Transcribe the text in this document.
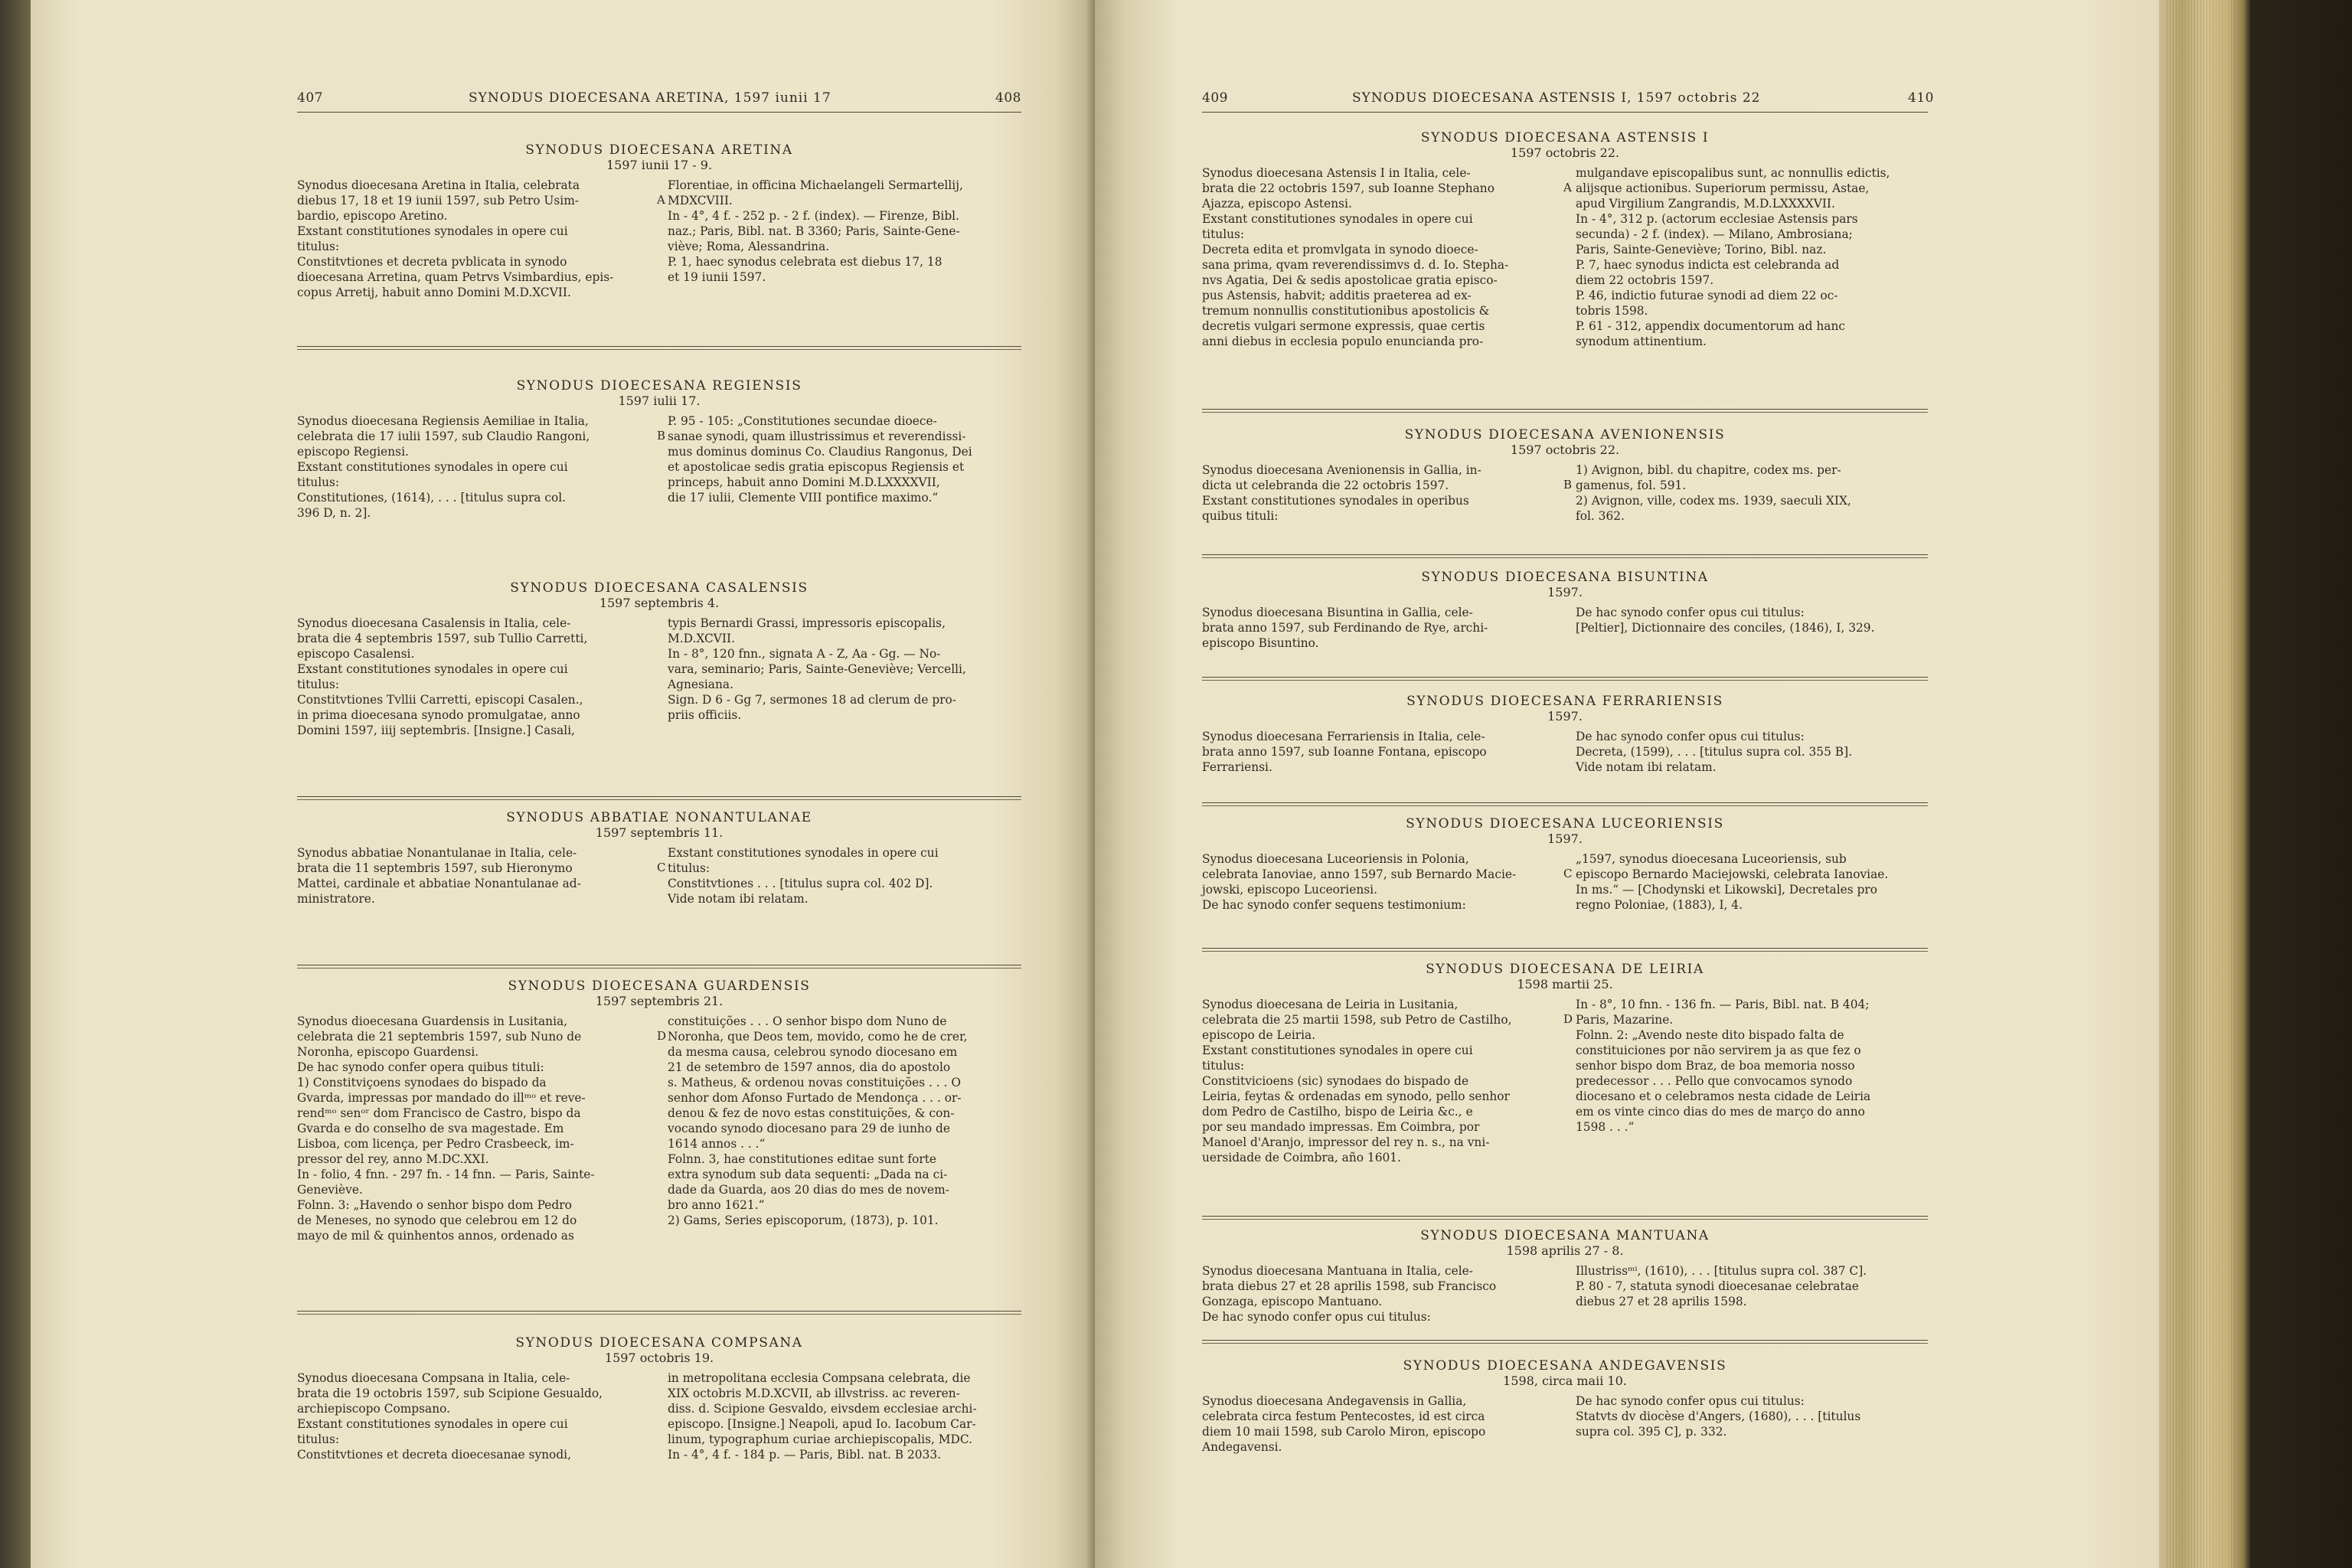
407	SYNODUS DIOECESANA ARETINA, 1597 iunii 17	408
SYNODUS DIOECESANA ARETINA
1597 iunii 17 - 9.

Synodus dioecesana Aretina in Italia, celebrata

diebus 17, 18 et 19 iunii 1597, sub Petro Usim-

bardio, episcopo Aretino.

Exstant constitutiones synodales in opere cui

titulus:

Constitvtiones et decreta pvblicata in synodo

dioecesana Arretina, quam Petrvs Vsimbardius, epis-

copus Arretij, habuit anno Domini M.D.XCVII.

Florentiae, in officina Michaelangeli Sermartellij,

MDXCVIII.

In - 4°, 4 f. - 252 p. - 2 f. (index). — Firenze, Bibl.

naz.; Paris, Bibl. nat. B 3360; Paris, Sainte-Gene-

viève; Roma, Alessandrina.

P. 1, haec synodus celebrata est diebus 17, 18

et 19 iunii 1597.

A
SYNODUS DIOECESANA REGIENSIS
1597 iulii 17.

Synodus dioecesana Regiensis Aemiliae in Italia,

celebrata die 17 iulii 1597, sub Claudio Rangoni,

episcopo Regiensi.

Exstant constitutiones synodales in opere cui

titulus:

Constitutiones, (1614), . . . [titulus supra col.

396 D, n. 2].

P. 95 - 105: „Constitutiones secundae dioece-

sanae synodi, quam illustrissimus et reverendissi-

mus dominus dominus Co. Claudius Rangonus, Dei

et apostolicae sedis gratia episcopus Regiensis et

princeps, habuit anno Domini M.D.LXXXXVII,

die 17 iulii, Clemente VIII pontifice maximo.“

B
SYNODUS DIOECESANA CASALENSIS
1597 septembris 4.

Synodus dioecesana Casalensis in Italia, cele-

brata die 4 septembris 1597, sub Tullio Carretti,

episcopo Casalensi.

Exstant constitutiones synodales in opere cui

titulus:

Constitvtiones Tvllii Carretti, episcopi Casalen.,

in prima dioecesana synodo promulgatae, anno

Domini 1597, iiij septembris. [Insigne.] Casali,

typis Bernardi Grassi, impressoris episcopalis,

M.D.XCVII.

In - 8°, 120 fnn., signata A - Z, Aa - Gg. — No-

vara, seminario; Paris, Sainte-Geneviève; Vercelli,

Agnesiana.

Sign. D 6 - Gg 7, sermones 18 ad clerum de pro-

priis officiis.

SYNODUS ABBATIAE NONANTULANAE
1597 septembris 11.

Synodus abbatiae Nonantulanae in Italia, cele-

brata die 11 septembris 1597, sub Hieronymo

Mattei, cardinale et abbatiae Nonantulanae ad-

ministratore.

Exstant constitutiones synodales in opere cui

titulus:

Constitvtiones . . . [titulus supra col. 402 D].

Vide notam ibi relatam.

C
SYNODUS DIOECESANA GUARDENSIS
1597 septembris 21.

Synodus dioecesana Guardensis in Lusitania,

celebrata die 21 septembris 1597, sub Nuno de

Noronha, episcopo Guardensi.

De hac synodo confer opera quibus tituli:

1) Constitviçoens synodaes do bispado da

Gvarda, impressas por mandado do illᵐᵒ et reve-

rendᵐᵒ senᵒʳ dom Francisco de Castro, bispo da

Gvarda e do conselho de sva magestade. Em

Lisboa, com licença, per Pedro Crasbeeck, im-

pressor del rey, anno M.DC.XXI.

In - folio, 4 fnn. - 297 fn. - 14 fnn. — Paris, Sainte-

Geneviève.

Folnn. 3: „Havendo o senhor bispo dom Pedro

de Meneses, no synodo que celebrou em 12 do

mayo de mil & quinhentos annos, ordenado as

constituições . . . O senhor bispo dom Nuno de

Noronha, que Deos tem, movido, como he de crer,

da mesma causa, celebrou synodo diocesano em

21 de setembro de 1597 annos, dia do apostolo

s. Matheus, & ordenou novas constituições . . . O

senhor dom Afonso Furtado de Mendonça . . . or-

denou & fez de novo estas constituições, & con-

vocando synodo diocesano para 29 de iunho de

1614 annos . . .“

Folnn. 3, hae constitutiones editae sunt forte

extra synodum sub data sequenti: „Dada na ci-

dade da Guarda, aos 20 dias do mes de novem-

bro anno 1621.“

2) Gams, Series episcoporum, (1873), p. 101.

D
SYNODUS DIOECESANA COMPSANA
1597 octobris 19.

Synodus dioecesana Compsana in Italia, cele-

brata die 19 octobris 1597, sub Scipione Gesualdo,

archiepiscopo Compsano.

Exstant constitutiones synodales in opere cui

titulus:

Constitvtiones et decreta dioecesanae synodi,

in metropolitana ecclesia Compsana celebrata, die

XIX octobris M.D.XCVII, ab illvstriss. ac reveren-

diss. d. Scipione Gesvaldo, eivsdem ecclesiae archi-

episcopo. [Insigne.] Neapoli, apud Io. Iacobum Car-

linum, typographum curiae archiepiscopalis, MDC.

In - 4°, 4 f. - 184 p. — Paris, Bibl. nat. B 2033.

409	SYNODUS DIOECESANA ASTENSIS I, 1597 octobris 22	410
SYNODUS DIOECESANA ASTENSIS I
1597 octobris 22.

Synodus dioecesana Astensis I in Italia, cele-

brata die 22 octobris 1597, sub Ioanne Stephano

Ajazza, episcopo Astensi.

Exstant constitutiones synodales in opere cui

titulus:

Decreta edita et promvlgata in synodo dioece-

sana prima, qvam reverendissimvs d. d. Io. Stepha-

nvs Agatia, Dei & sedis apostolicae gratia episco-

pus Astensis, habvit; additis praeterea ad ex-

tremum nonnullis constitutionibus apostolicis &

decretis vulgari sermone expressis, quae certis

anni diebus in ecclesia populo enuncianda pro-

mulgandave episcopalibus sunt, ac nonnullis edictis,

alijsque actionibus. Superiorum permissu, Astae,

apud Virgilium Zangrandis, M.D.LXXXXVII.

In - 4°, 312 p. (actorum ecclesiae Astensis pars

secunda) - 2 f. (index). — Milano, Ambrosiana;

Paris, Sainte-Geneviève; Torino, Bibl. naz.

P. 7, haec synodus indicta est celebranda ad

diem 22 octobris 1597.

P. 46, indictio futurae synodi ad diem 22 oc-

tobris 1598.

P. 61 - 312, appendix documentorum ad hanc

synodum attinentium.

A
SYNODUS DIOECESANA AVENIONENSIS
1597 octobris 22.

Synodus dioecesana Avenionensis in Gallia, in-

dicta ut celebranda die 22 octobris 1597.

Exstant constitutiones synodales in operibus

quibus tituli:

1) Avignon, bibl. du chapitre, codex ms. per-

gamenus, fol. 591.

2) Avignon, ville, codex ms. 1939, saeculi XIX,

fol. 362.

B
SYNODUS DIOECESANA BISUNTINA
1597.

Synodus dioecesana Bisuntina in Gallia, cele-

brata anno 1597, sub Ferdinando de Rye, archi-

episcopo Bisuntino.

De hac synodo confer opus cui titulus:

[Peltier], Dictionnaire des conciles, (1846), I, 329.

SYNODUS DIOECESANA FERRARIENSIS
1597.

Synodus dioecesana Ferrariensis in Italia, cele-

brata anno 1597, sub Ioanne Fontana, episcopo

Ferrariensi.

De hac synodo confer opus cui titulus:

Decreta, (1599), . . . [titulus supra col. 355 B].

Vide notam ibi relatam.

SYNODUS DIOECESANA LUCEORIENSIS
1597.

Synodus dioecesana Luceoriensis in Polonia,

celebrata Ianoviae, anno 1597, sub Bernardo Macie-

jowski, episcopo Luceoriensi.

De hac synodo confer sequens testimonium:

„1597, synodus dioecesana Luceoriensis, sub

episcopo Bernardo Maciejowski, celebrata Ianoviae.

In ms.“ — [Chodynski et Likowski], Decretales pro

regno Poloniae, (1883), I, 4.

C
SYNODUS DIOECESANA DE LEIRIA
1598 martii 25.

Synodus dioecesana de Leiria in Lusitania,

celebrata die 25 martii 1598, sub Petro de Castilho,

episcopo de Leiria.

Exstant constitutiones synodales in opere cui

titulus:

Constitvicioens (sic) synodaes do bispado de

Leiria, feytas & ordenadas em synodo, pello senhor

dom Pedro de Castilho, bispo de Leiria &c., e

por seu mandado impressas. Em Coimbra, por

Manoel d'Aranjo, impressor del rey n. s., na vni-

uersidade de Coimbra, año 1601.

In - 8°, 10 fnn. - 136 fn. — Paris, Bibl. nat. B 404;

Paris, Mazarine.

Folnn. 2: „Avendo neste dito bispado falta de

constituiciones por não servirem ja as que fez o

senhor bispo dom Braz, de boa memoria nosso

predecessor . . . Pello que convocamos synodo

diocesano et o celebramos nesta cidade de Leiria

em os vinte cinco dias do mes de março do anno

1598 . . .“

D
SYNODUS DIOECESANA MANTUANA
1598 aprilis 27 - 8.

Synodus dioecesana Mantuana in Italia, cele-

brata diebus 27 et 28 aprilis 1598, sub Francisco

Gonzaga, episcopo Mantuano.

De hac synodo confer opus cui titulus:

Illustrissᵐⁱ, (1610), . . . [titulus supra col. 387 C].

P. 80 - 7, statuta synodi dioecesanae celebratae

diebus 27 et 28 aprilis 1598.

SYNODUS DIOECESANA ANDEGAVENSIS
1598, circa maii 10.

Synodus dioecesana Andegavensis in Gallia,

celebrata circa festum Pentecostes, id est circa

diem 10 maii 1598, sub Carolo Miron, episcopo

Andegavensi.

De hac synodo confer opus cui titulus:

Statvts dv diocèse d'Angers, (1680), . . . [titulus

supra col. 395 C], p. 332.
